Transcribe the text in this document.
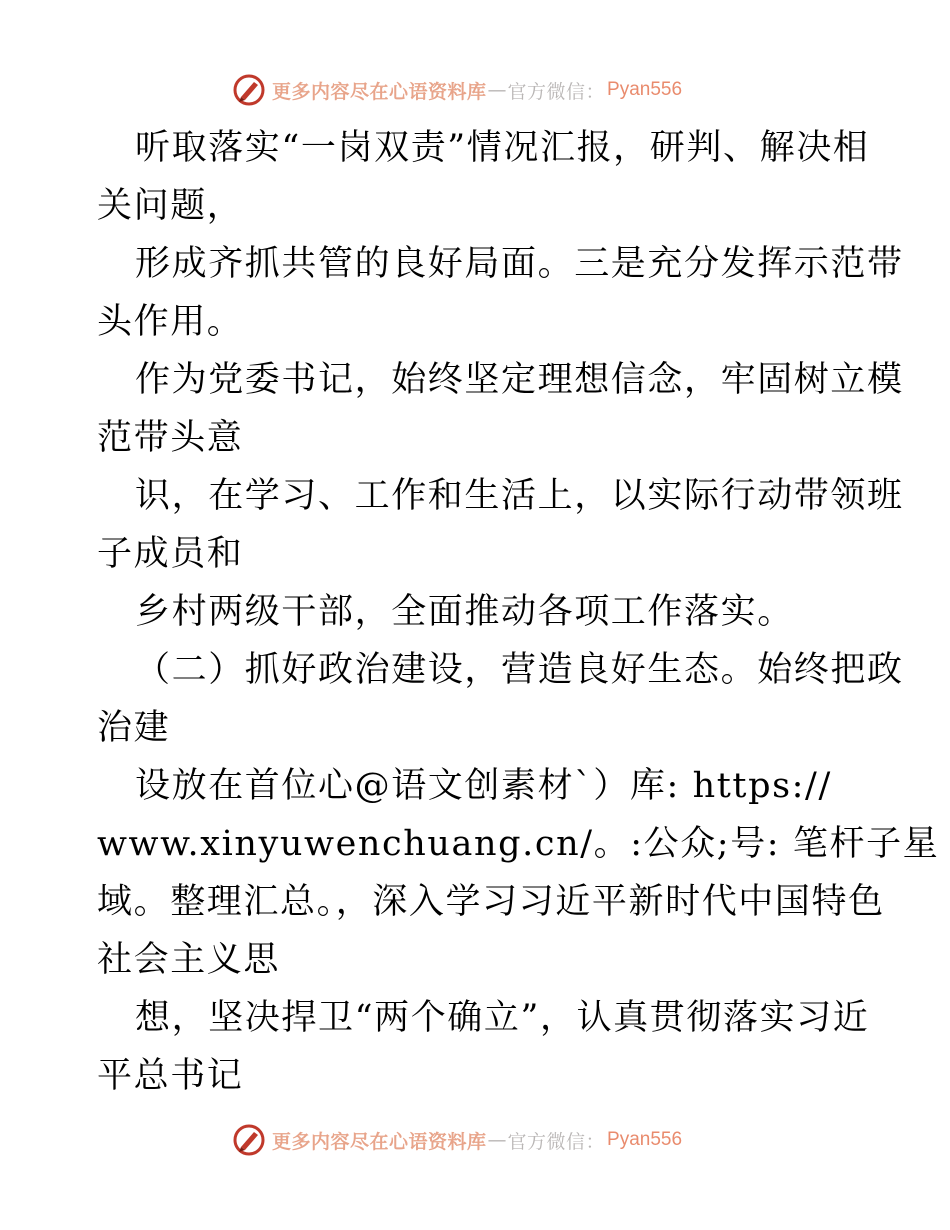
更多内容尽在心语资料库 — 官方微信： Pyan556
听取落实“一岗双责”情况汇报，研判、解决相
关问题，
形成齐抓共管的良好局面。三是充分发挥示范带
头作用。
作为党委书记，始终坚定理想信念，牢固树立模
范带头意
识，在学习、工作和生活上，以实际行动带领班
子成员和
乡村两级干部，全面推动各项工作落实。
（二）抓好政治建设，营造良好生态。始终把政
治建
设放在首位心@语文创素材`）库: https://
www.xinyuwenchuang.cn/。:公众;号: 笔杆子星
域。整理汇总。，深入学习习近平新时代中国特色
社会主义思
想，坚决捍卫“两个确立”，认真贯彻落实习近
平总书记
更多内容尽在心语资料库 — 官方微信： Pyan556
